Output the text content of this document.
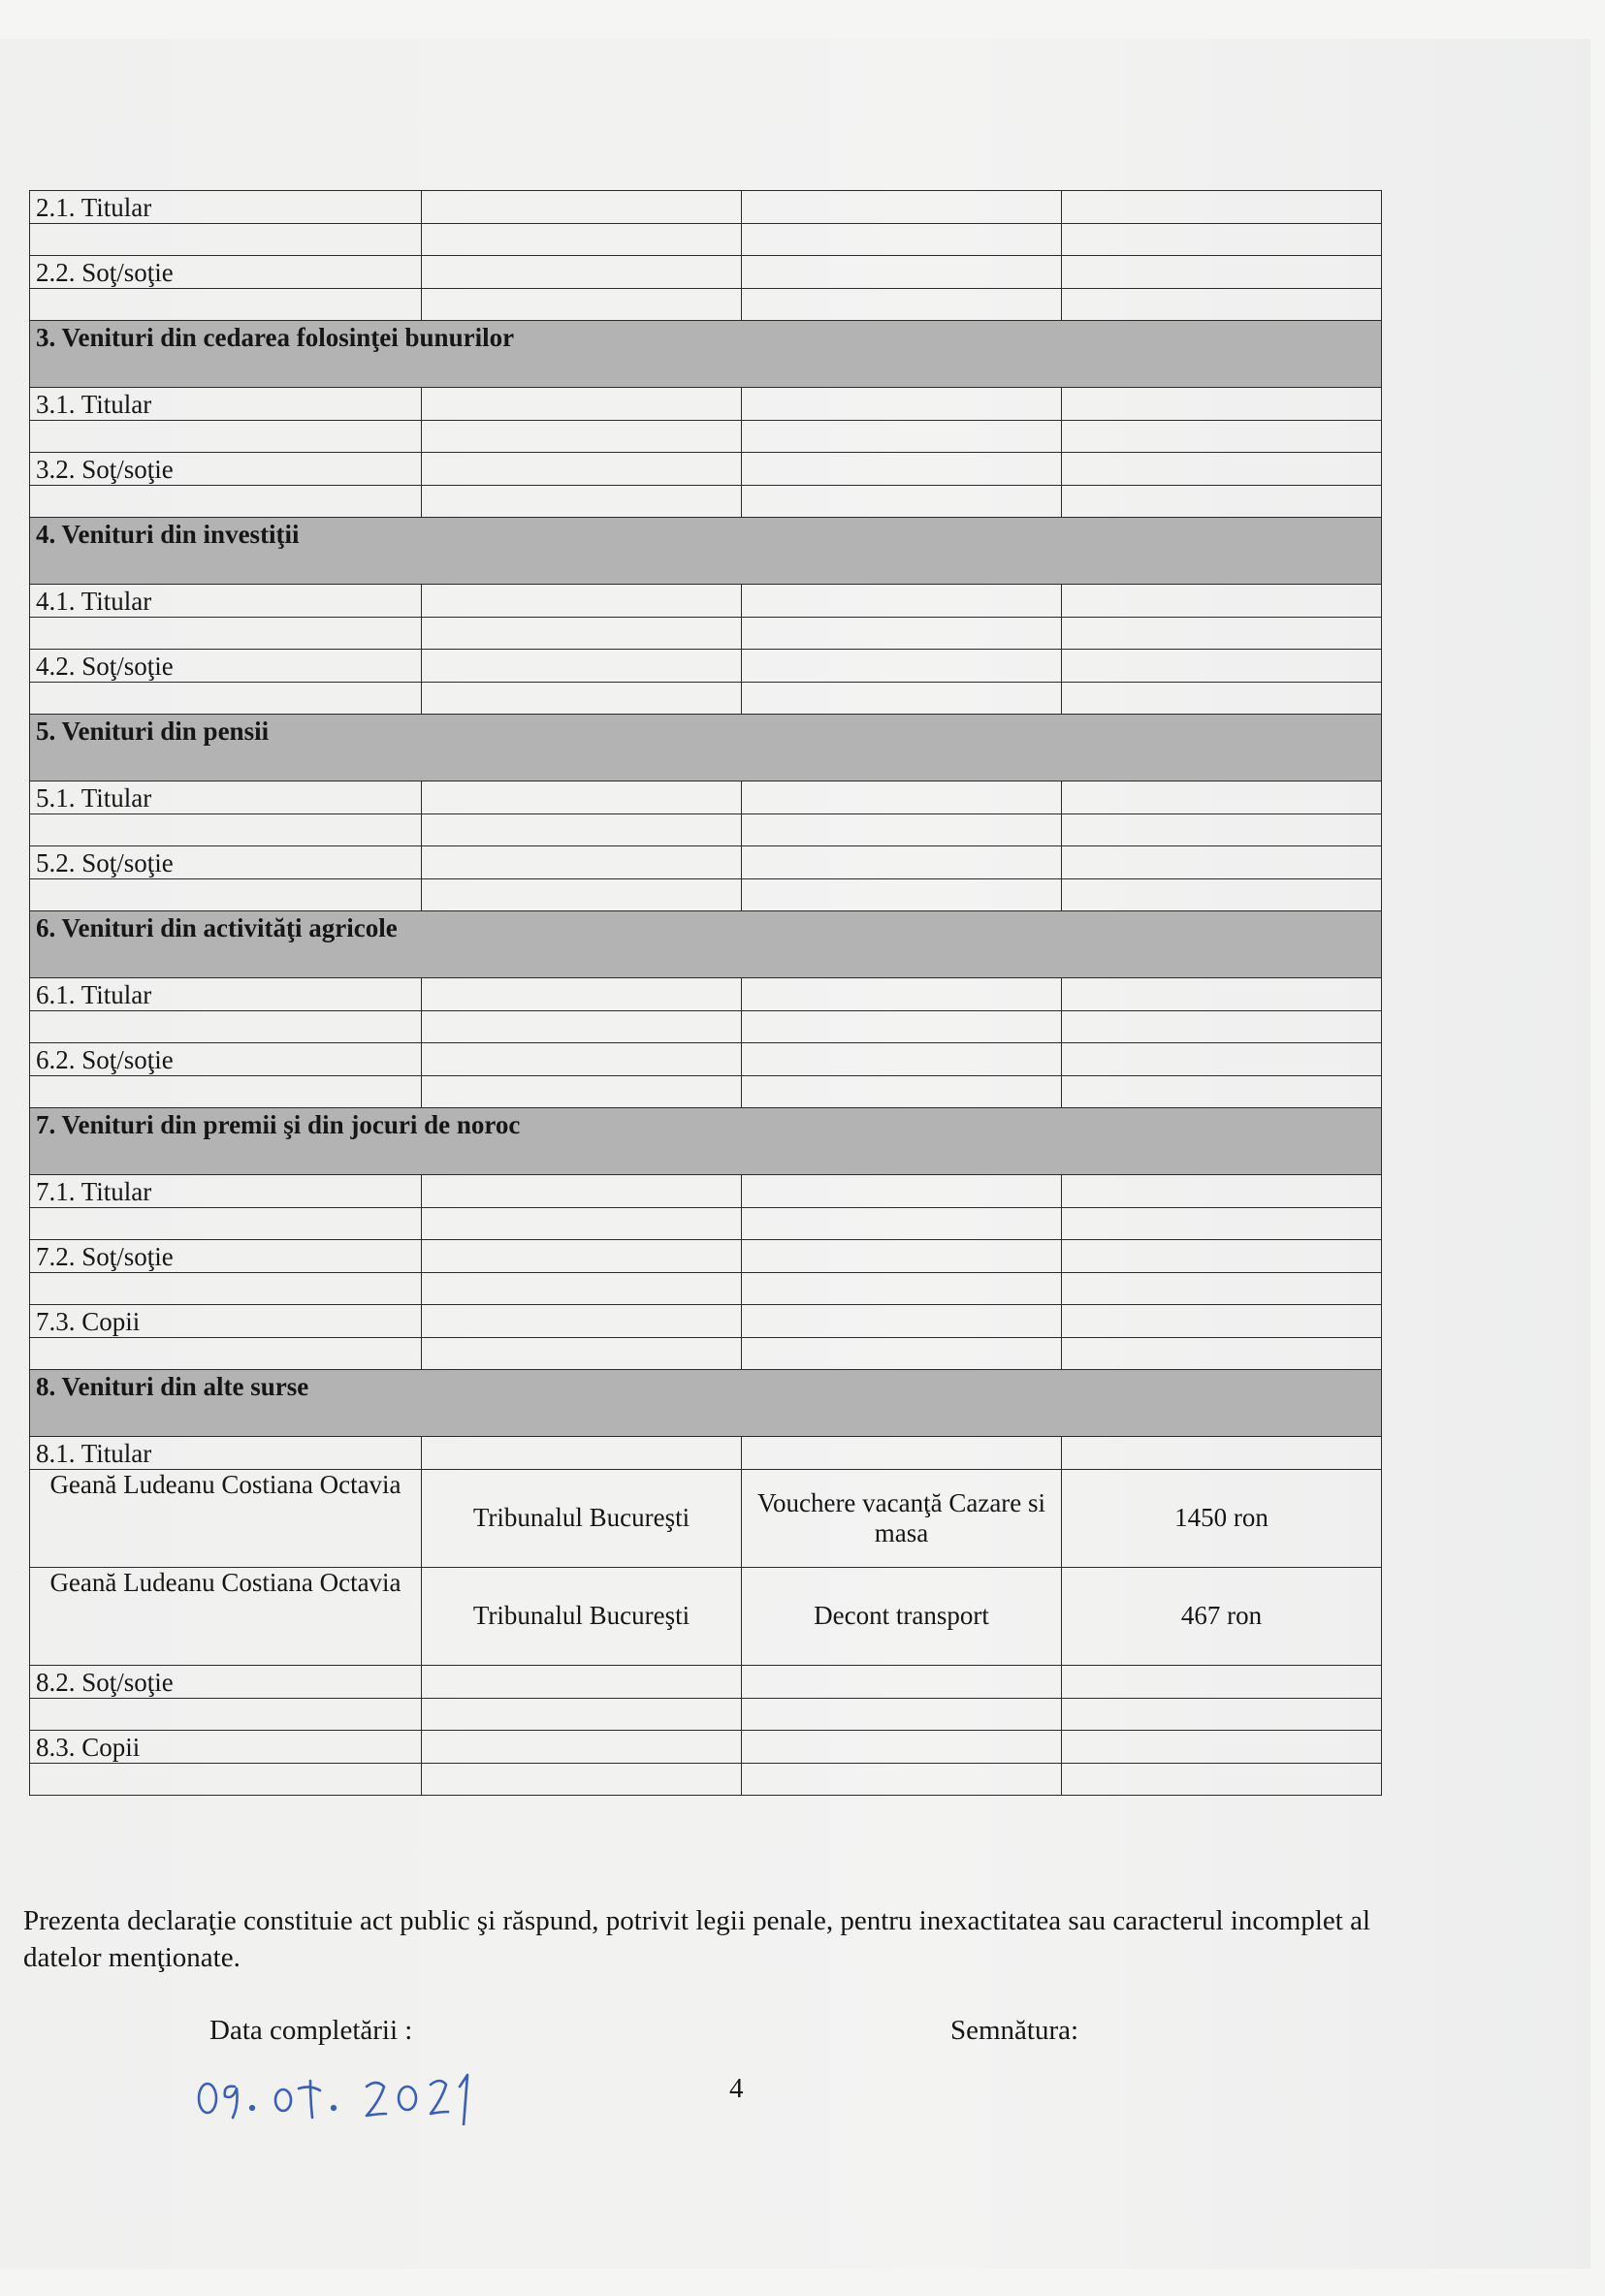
2.1. Titular			

2.2. Soţ/soţie			

3. Venituri din cedarea folosinţei bunurilor			
3.1. Titular			

3.2. Soţ/soţie			

4. Venituri din investiţii			
4.1. Titular			

4.2. Soţ/soţie			

5. Venituri din pensii			
5.1. Titular			

5.2. Soţ/soţie			

6. Venituri din activităţi agricole			
6.1. Titular			

6.2. Soţ/soţie			

7. Venituri din premii şi din jocuri de noroc			
7.1. Titular			

7.2. Soţ/soţie			

7.3. Copii			

8. Venituri din alte surse			
8.1. Titular			
Geană Ludeanu Costiana Octavia	Tribunalul Bucureşti	Vouchere vacanţă Cazare si masa	1450 ron
Geană Ludeanu Costiana Octavia	Tribunalul Bucureşti	Decont transport	467 ron
8.2. Soţ/soţie			

8.3. Copii			

Prezenta declaraţie constituie act public şi răspund, potrivit legii penale, pentru inexactitatea sau caracterul incomplet al datelor menţionate.
Data completării :	Semnătura:
4
